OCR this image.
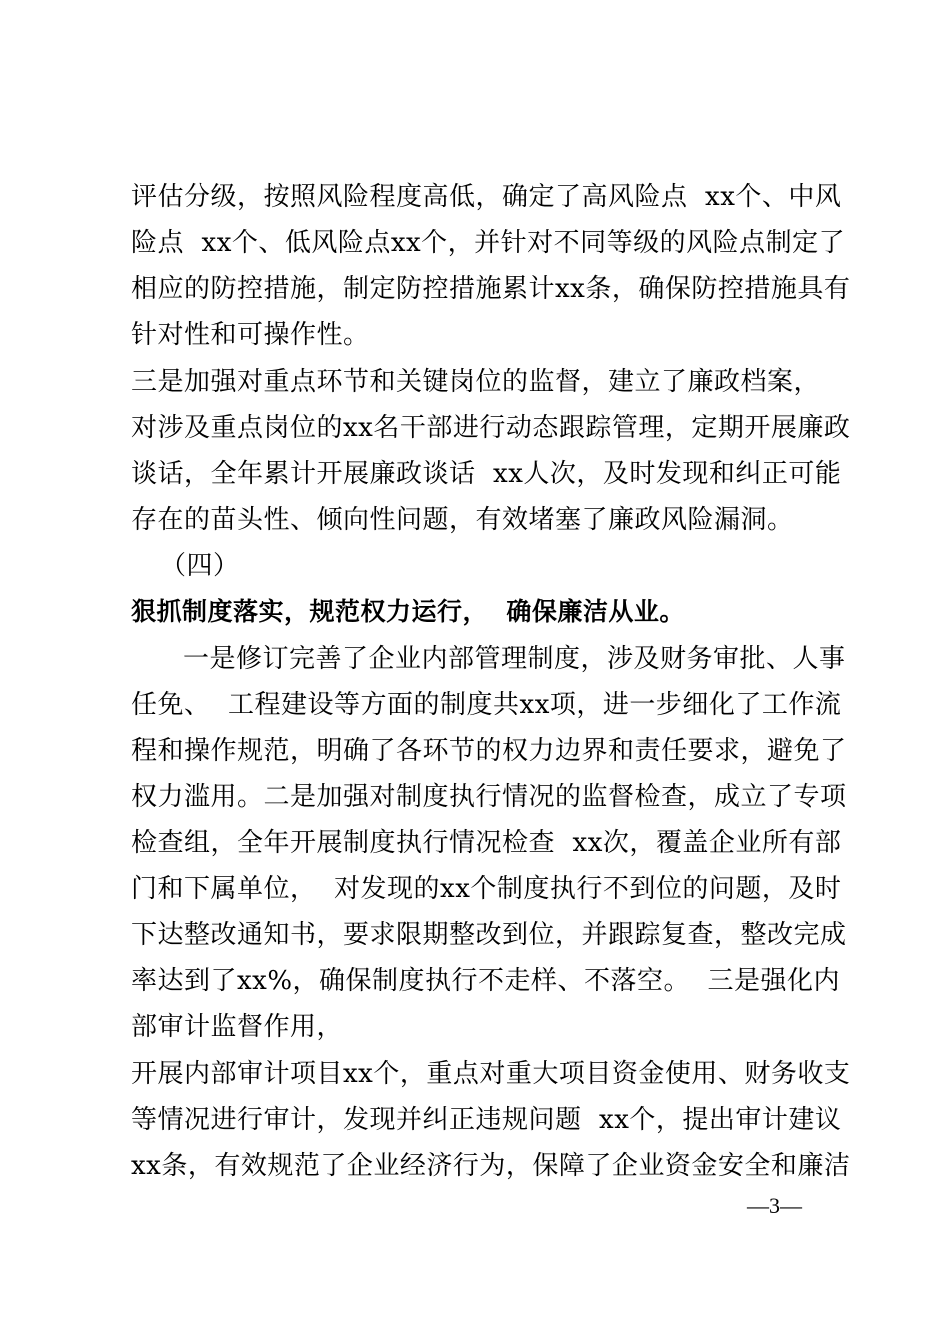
评估分级，按照风险程度高低，确定了高风险点  xx个、中风
险点  xx个、低风险点xx个，并针对不同等级的风险点制定了
相应的防控措施，制定防控措施累计xx条，确保防控措施具有
针对性和可操作性。
三是加强对重点环节和关键岗位的监督，建立了廉政档案，
对涉及重点岗位的xx名干部进行动态跟踪管理，定期开展廉政
谈话，全年累计开展廉政谈话  xx人次，及时发现和纠正可能
存在的苗头性、倾向性问题，有效堵塞了廉政风险漏洞。
（四）
狠抓制度落实，规范权力运行，  确保廉洁从业。
一是修订完善了企业内部管理制度，涉及财务审批、人事
任免、  工程建设等方面的制度共xx项，进一步细化了工作流
程和操作规范，明确了各环节的权力边界和责任要求，避免了
权力滥用。二是加强对制度执行情况的监督检查，成立了专项
检查组，全年开展制度执行情况检查  xx次，覆盖企业所有部
门和下属单位，  对发现的xx个制度执行不到位的问题，及时
下达整改通知书，要求限期整改到位，并跟踪复查，整改完成
率达到了xx%，确保制度执行不走样、不落空。  三是强化内
部审计监督作用，
开展内部审计项目xx个，重点对重大项目资金使用、财务收支
等情况进行审计，发现并纠正违规问题  xx个，提出审计建议
xx条，有效规范了企业经济行为，保障了企业资金安全和廉洁
—3—
